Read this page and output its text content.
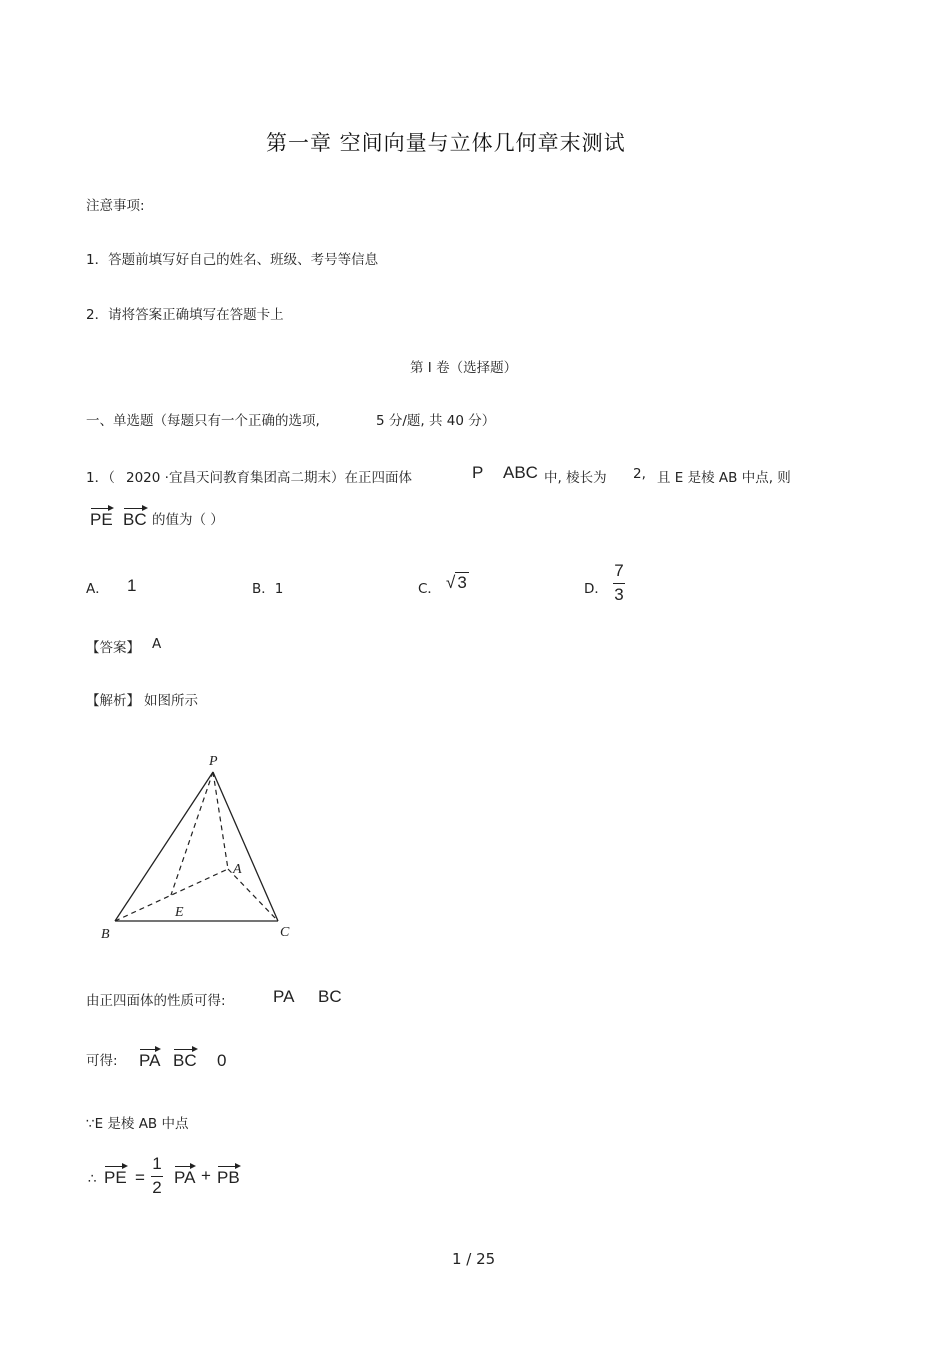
第一章 空间向量与立体几何章末测试
注意事项:
1．答题前填写好自己的姓名、班级、考号等信息
2．请将答案正确填写在答题卡上
第 I 卷（选择题）
一、单选题（每题只有一个正确的选项,	5 分/题, 共 40 分）
1．（ 2020 ·宜昌天问教育集团高二期末）在正四面体	P ABC 中, 棱长为 2, 且 E 是棱 AB 中点, 则
PE BC 的值为（ ）
A． 1	B．1	C． √ 3	D． $\frac{7}{3}$
【答案】 A
【解析】 如图所示
P
A
B	C
E
由正四面体的性质可得:	PA BC
可得: PA BC 0
∵E 是棱 AB 中点
∴ PE = $\frac{1}{2}$ PA + PB
1 / 25
